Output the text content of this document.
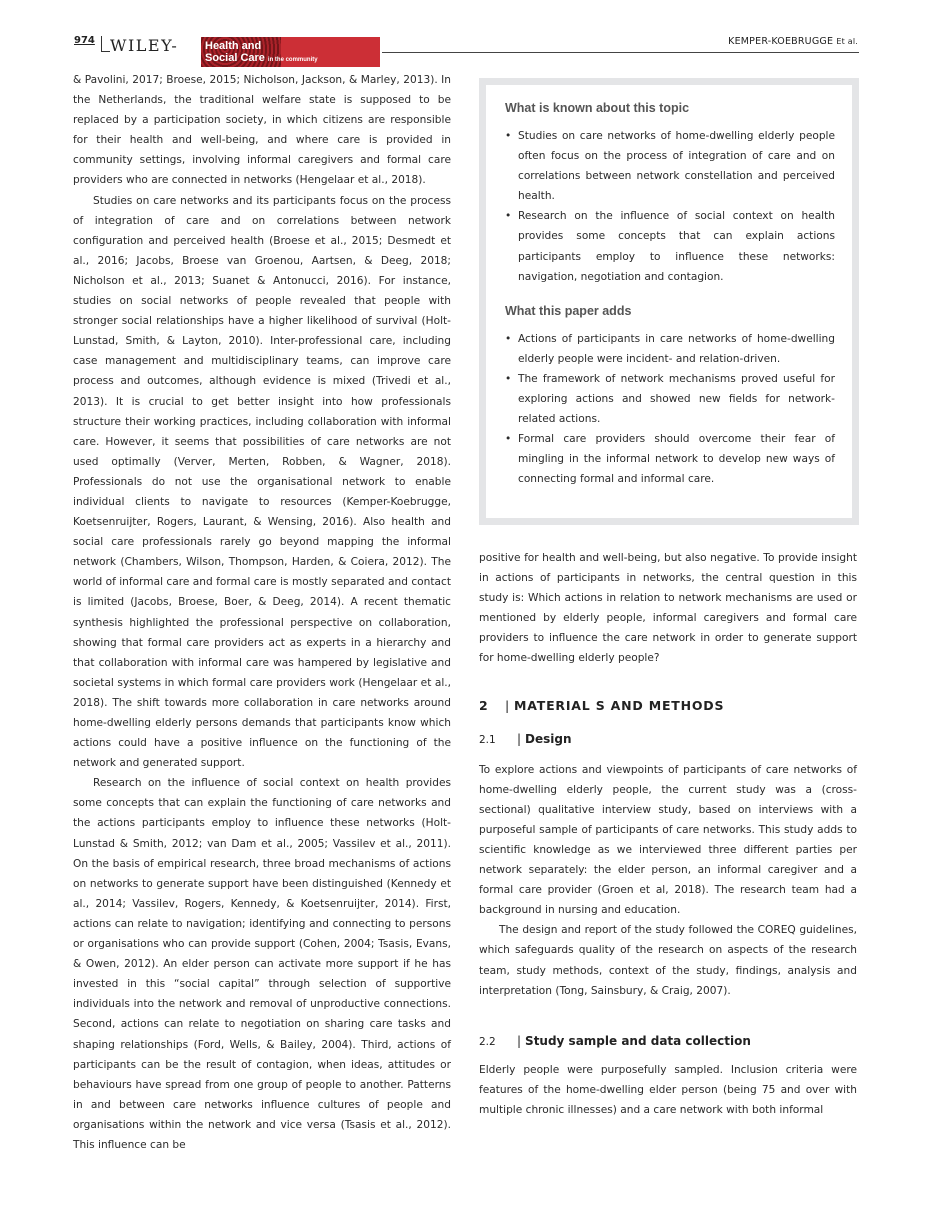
974 WILEY- Health and
Social Care in the community
KEMPER-KOEBRUGGE Et al.

& Pavolini, 2017; Broese, 2015; Nicholson, Jackson, & Marley, 2013). In the Netherlands, the traditional welfare state is supposed to be replaced by a participation society, in which citizens are responsible for their health and well-being, and where care is provided in community settings, involving informal caregivers and formal care providers who are connected in networks (Hengelaar et al., 2018).

Studies on care networks and its participants focus on the process of integration of care and on correlations between network configuration and perceived health (Broese et al., 2015; Desmedt et al., 2016; Jacobs, Broese van Groenou, Aartsen, & Deeg, 2018; Nicholson et al., 2013; Suanet & Antonucci, 2016). For instance, studies on social networks of people revealed that people with stronger social relationships have a higher likelihood of survival (Holt-Lunstad, Smith, & Layton, 2010). Inter-professional care, including case management and multidisciplinary teams, can improve care process and outcomes, although evidence is mixed (Trivedi et al., 2013). It is crucial to get better insight into how professionals structure their working practices, including collaboration with informal care. However, it seems that possibilities of care networks are not used optimally (Verver, Merten, Robben, & Wagner, 2018). Professionals do not use the organisational network to enable individual clients to navigate to resources (Kemper-Koebrugge, Koetsenruijter, Rogers, Laurant, & Wensing, 2016). Also health and social care professionals rarely go beyond mapping the informal network (Chambers, Wilson, Thompson, Harden, & Coiera, 2012). The world of informal care and formal care is mostly separated and contact is limited (Jacobs, Broese, Boer, & Deeg, 2014). A recent thematic synthesis highlighted the professional perspective on collaboration, showing that formal care providers act as experts in a hierarchy and that collaboration with informal care was hampered by legislative and societal systems in which formal care providers work (Hengelaar et al., 2018). The shift towards more collaboration in care networks around home-dwelling elderly persons demands that participants know which actions could have a positive influence on the functioning of the network and generated support.

Research on the influence of social context on health provides some concepts that can explain the functioning of care networks and the actions participants employ to influence these networks (Holt-Lunstad & Smith, 2012; van Dam et al., 2005; Vassilev et al., 2011). On the basis of empirical research, three broad mechanisms of actions on networks to generate support have been distinguished (Kennedy et al., 2014; Vassilev, Rogers, Kennedy, & Koetsenruijter, 2014). First, actions can relate to navigation; identifying and connecting to persons or organisations who can provide support (Cohen, 2004; Tsasis, Evans, & Owen, 2012). An elder person can activate more support if he has invested in this “social capital” through selection of supportive individuals into the network and removal of unproductive connections. Second, actions can relate to negotiation on sharing care tasks and shaping relationships (Ford, Wells, & Bailey, 2004). Third, actions of participants can be the result of contagion, when ideas, attitudes or behaviours have spread from one group of people to another. Patterns in and between care networks influence cultures of people and organisations within the network and vice versa (Tsasis et al., 2012). This influence can be

What is known about this topic
• Studies on care networks of home-dwelling elderly people often focus on the process of integration of care and on correlations between network constellation and perceived health.
• Research on the influence of social context on health provides some concepts that can explain actions participants employ to influence these networks: navigation, negotiation and contagion.
What this paper adds
• Actions of participants in care networks of home-dwelling elderly people were incident- and relation-driven.
• The framework of network mechanisms proved useful for exploring actions and showed new fields for network-related actions.
• Formal care providers should overcome their fear of mingling in the informal network to develop new ways of connecting formal and informal care.

positive for health and well-being, but also negative. To provide insight in actions of participants in networks, the central question in this study is: Which actions in relation to network mechanisms are used or mentioned by elderly people, informal caregivers and formal care providers to influence the care network in order to generate support for home-dwelling elderly people?

2 | MATERIAL S AND METHODS
2.1 | Design

To explore actions and viewpoints of participants of care networks of home-dwelling elderly people, the current study was a (cross-sectional) qualitative interview study, based on interviews with a purposeful sample of participants of care networks. This study adds to scientific knowledge as we interviewed three different parties per network separately: the elder person, an informal caregiver and a formal care provider (Groen et al, 2018). The research team had a background in nursing and education.

The design and report of the study followed the COREQ guidelines, which safeguards quality of the research on aspects of the research team, study methods, context of the study, findings, analysis and interpretation (Tong, Sainsbury, & Craig, 2007).

2.2 | Study sample and data collection

Elderly people were purposefully sampled. Inclusion criteria were features of the home-dwelling elder person (being 75 and over with multiple chronic illnesses) and a care network with both informal
